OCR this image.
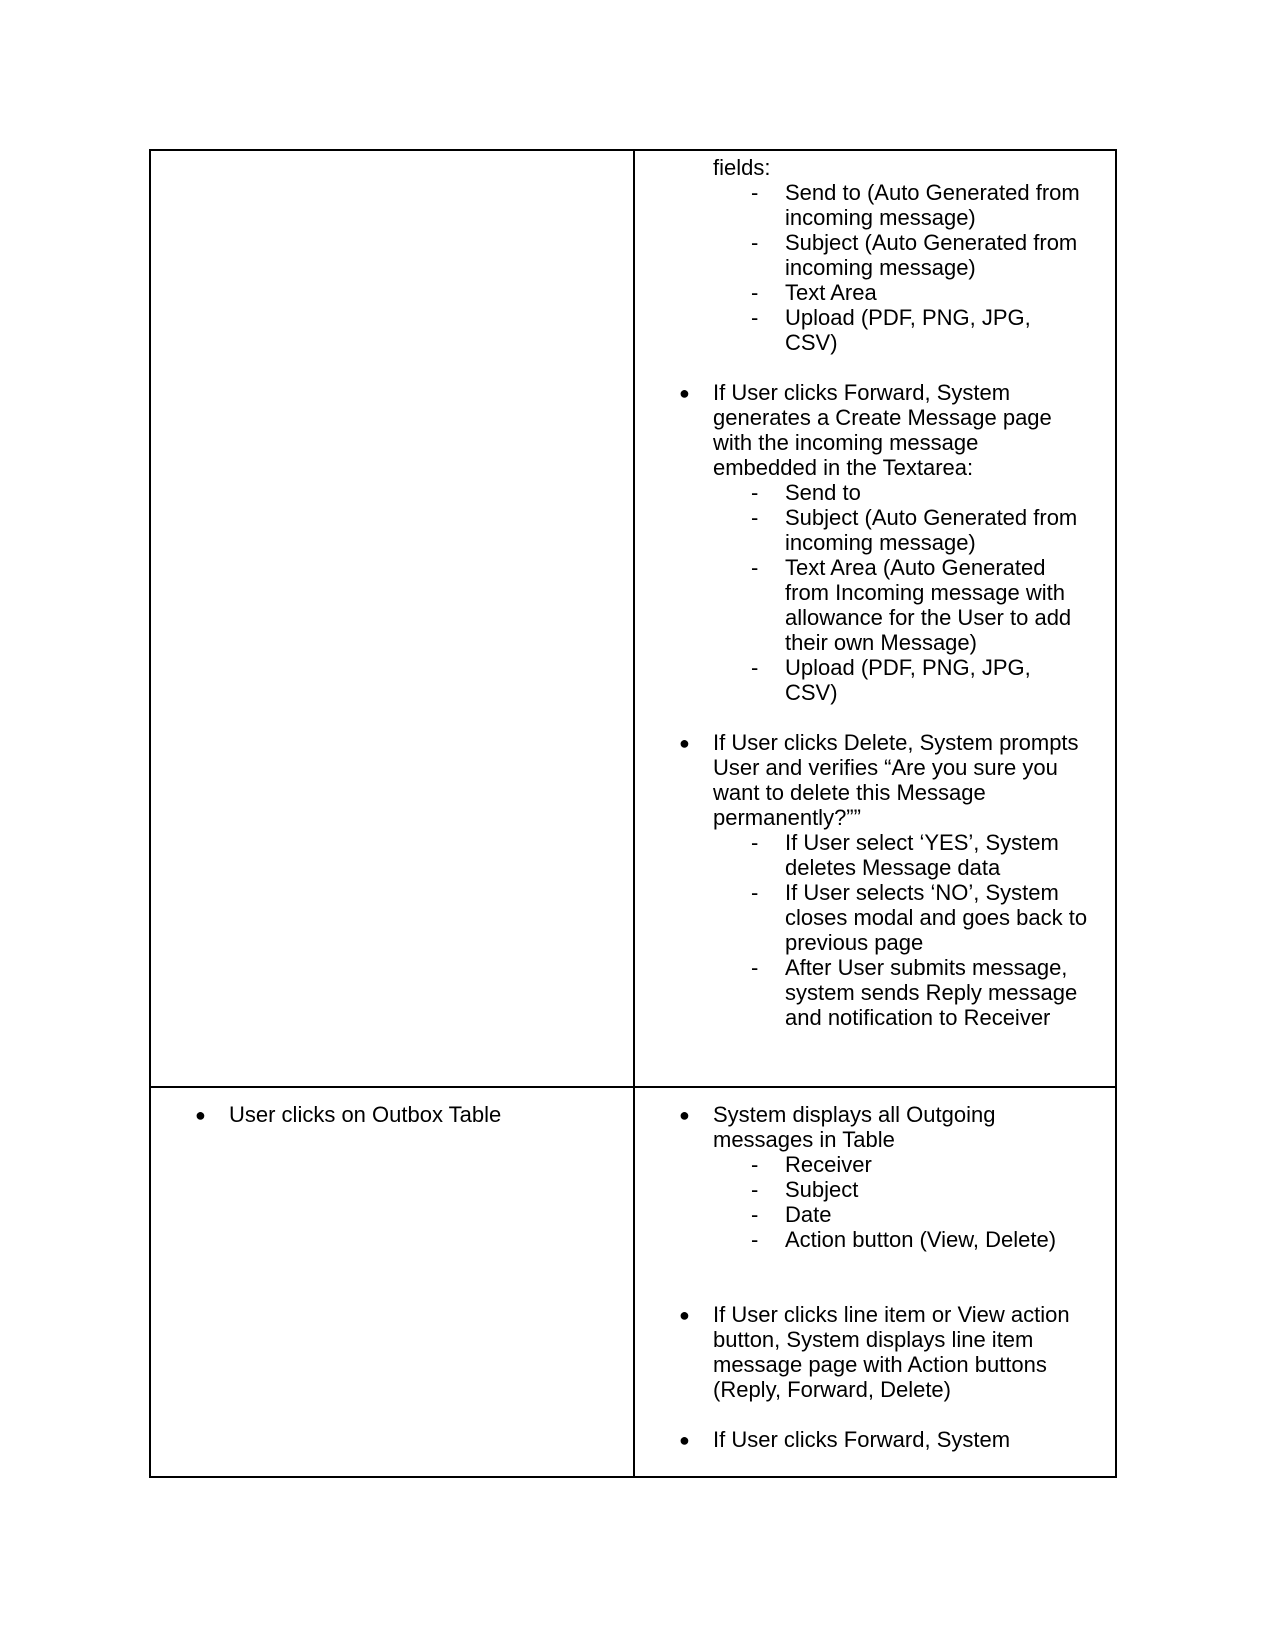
fields:
- Send to (Auto Generated from
incoming message)
- Subject (Auto Generated from
incoming message)
- Text Area
- Upload (PDF, PNG, JPG,
CSV)
● If User clicks Forward, System
generates a Create Message page
with the incoming message
embedded in the Textarea:
- Send to
- Subject (Auto Generated from
incoming message)
- Text Area (Auto Generated
from Incoming message with
allowance for the User to add
their own Message)
- Upload (PDF, PNG, JPG,
CSV)
● If User clicks Delete, System prompts
User and verifies “Are you sure you
want to delete this Message
permanently?””
- If User select ‘YES’, System
deletes Message data
- If User selects ‘NO’, System
closes modal and goes back to
previous page
- After User submits message,
system sends Reply message
and notification to Receiver
● User clicks on Outbox Table	● System displays all Outgoing
messages in Table
- Receiver
- Subject
- Date
- Action button (View, Delete)
● If User clicks line item or View action
button, System displays line item
message page with Action buttons
(Reply, Forward, Delete)
● If User clicks Forward, System
